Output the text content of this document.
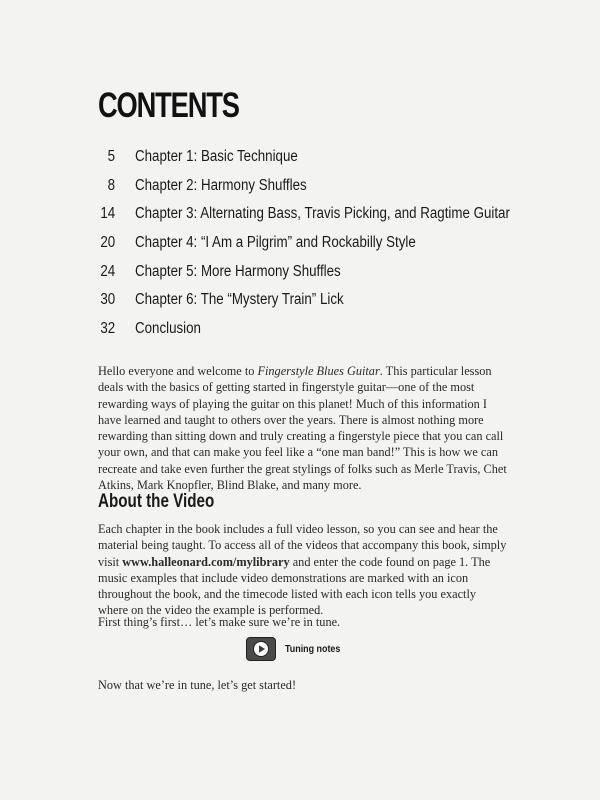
CONTENTS
5 Chapter 1: Basic Technique
8 Chapter 2: Harmony Shuffles
14 Chapter 3: Alternating Bass, Travis Picking, and Ragtime Guitar
20 Chapter 4: “I Am a Pilgrim” and Rockabilly Style
24 Chapter 5: More Harmony Shuffles
30 Chapter 6: The “Mystery Train” Lick
32 Conclusion

Hello everyone and welcome to Fingerstyle Blues Guitar. This particular lesson deals with the basics of getting started in fingerstyle guitar—one of the most rewarding ways of playing the guitar on this planet! Much of this information I have learned and taught to others over the years. There is almost nothing more rewarding than sitting down and truly creating a fingerstyle piece that you can call your own, and that can make you feel like a “one man band!” This is how we can recreate and take even further the great stylings of folks such as Merle Travis, Chet Atkins, Mark Knopfler, Blind Blake, and many more.

About the Video

Each chapter in the book includes a full video lesson, so you can see and hear the material being taught. To access all of the videos that accompany this book, simply visit www.halleonard.com/mylibrary and enter the code found on page 1. The music examples that include video demonstrations are marked with an icon throughout the book, and the timecode listed with each icon tells you exactly where on the video the example is performed.

First thing’s first… let’s make sure we’re in tune.

Tuning notes

Now that we’re in tune, let’s get started!
